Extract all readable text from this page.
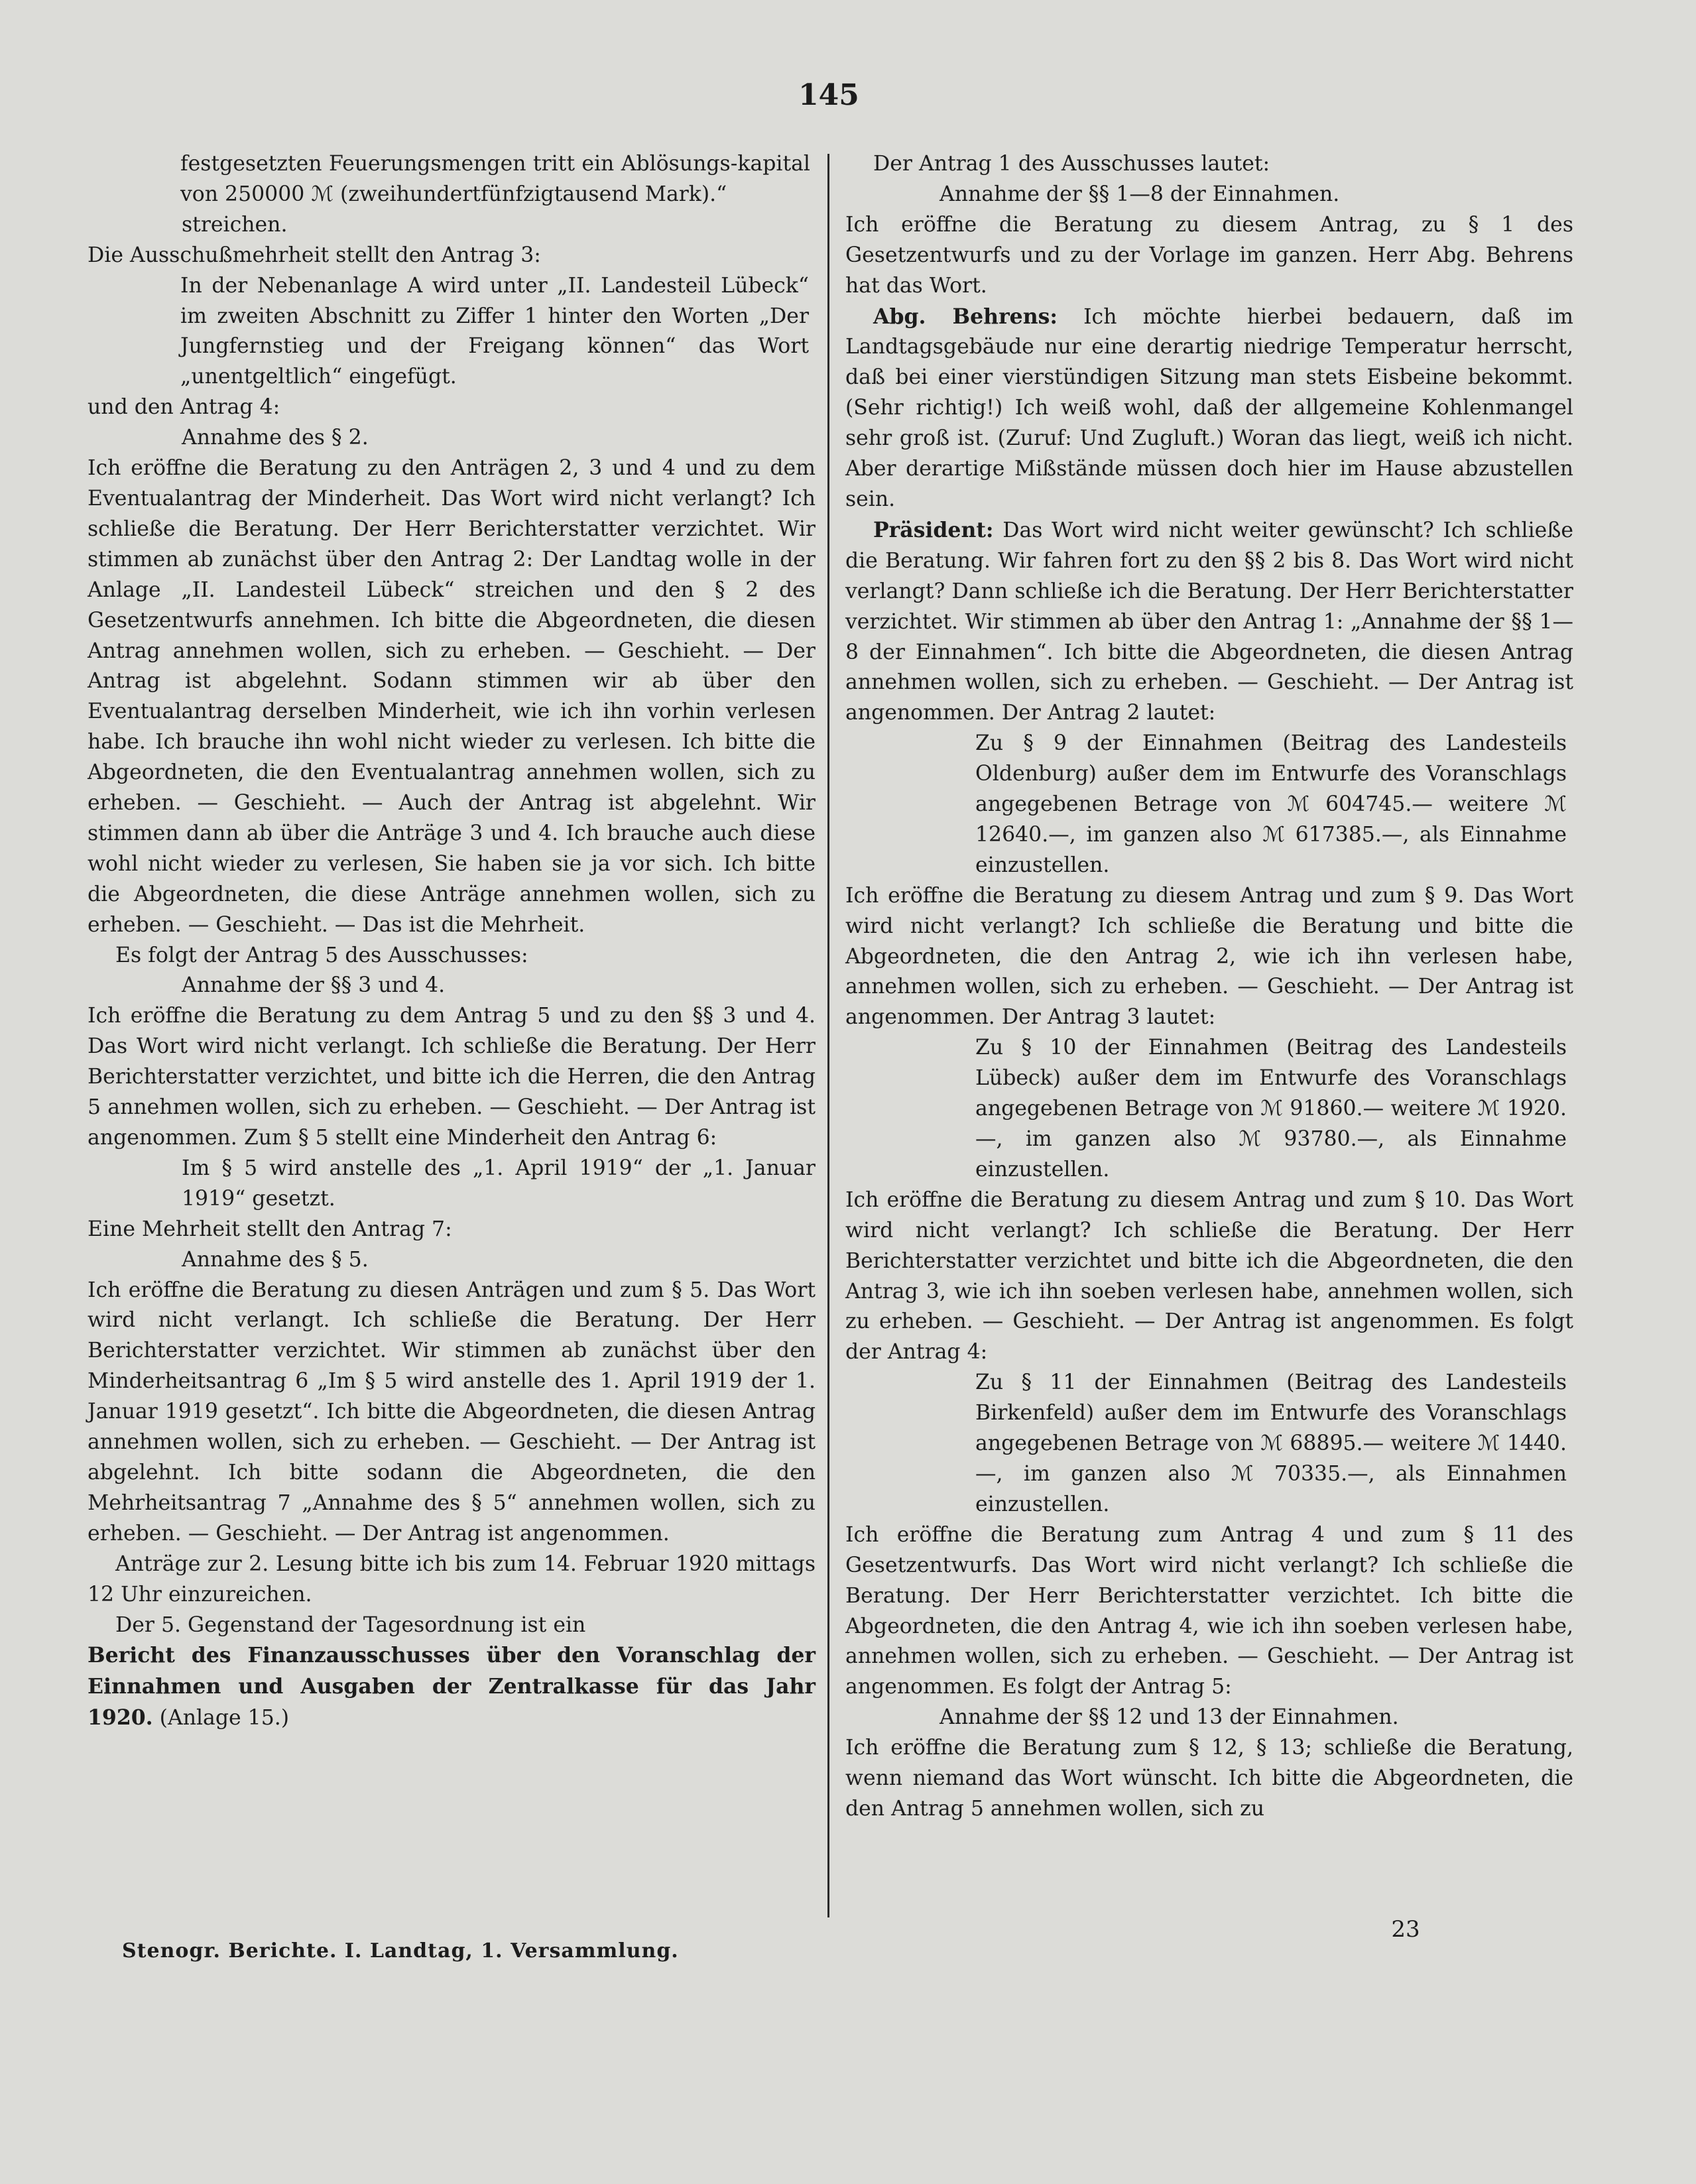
145

festgesetzten Feuerungsmengen tritt ein Ablösungs-kapital von 250000 ℳ (zweihundertfünfzigtausend Mark).“

streichen.

Die Ausschußmehrheit stellt den Antrag 3:

In der Nebenanlage A wird unter „II. Landesteil Lübeck“ im zweiten Abschnitt zu Ziffer 1 hinter den Worten „Der Jungfernstieg und der Freigang können“ das Wort „unentgeltlich“ eingefügt.

und den Antrag 4:

Annahme des § 2.

Ich eröffne die Beratung zu den Anträgen 2, 3 und 4 und zu dem Eventualantrag der Minderheit. Das Wort wird nicht verlangt? Ich schließe die Beratung. Der Herr Berichterstatter verzichtet. Wir stimmen ab zunächst über den Antrag 2: Der Landtag wolle in der Anlage „II. Landesteil Lübeck“ streichen und den § 2 des Gesetzentwurfs annehmen. Ich bitte die Abgeordneten, die diesen Antrag annehmen wollen, sich zu erheben. — Geschieht. — Der Antrag ist abgelehnt. Sodann stimmen wir ab über den Eventualantrag derselben Minderheit, wie ich ihn vorhin verlesen habe. Ich brauche ihn wohl nicht wieder zu verlesen. Ich bitte die Abgeordneten, die den Eventualantrag annehmen wollen, sich zu erheben. — Geschieht. — Auch der Antrag ist abgelehnt. Wir stimmen dann ab über die Anträge 3 und 4. Ich brauche auch diese wohl nicht wieder zu verlesen, Sie haben sie ja vor sich. Ich bitte die Abgeordneten, die diese Anträge annehmen wollen, sich zu erheben. — Geschieht. — Das ist die Mehrheit.

Es folgt der Antrag 5 des Ausschusses:

Annahme der §§ 3 und 4.

Ich eröffne die Beratung zu dem Antrag 5 und zu den §§ 3 und 4. Das Wort wird nicht verlangt. Ich schließe die Beratung. Der Herr Berichterstatter verzichtet, und bitte ich die Herren, die den Antrag 5 annehmen wollen, sich zu erheben. — Geschieht. — Der Antrag ist angenommen. Zum § 5 stellt eine Minderheit den Antrag 6:

Im § 5 wird anstelle des „1. April 1919“ der „1. Januar 1919“ gesetzt.

Eine Mehrheit stellt den Antrag 7:

Annahme des § 5.

Ich eröffne die Beratung zu diesen Anträgen und zum § 5. Das Wort wird nicht verlangt. Ich schließe die Beratung. Der Herr Berichterstatter verzichtet. Wir stimmen ab zunächst über den Minderheitsantrag 6 „Im § 5 wird anstelle des 1. April 1919 der 1. Januar 1919 gesetzt“. Ich bitte die Abgeordneten, die diesen Antrag annehmen wollen, sich zu erheben. — Geschieht. — Der Antrag ist abgelehnt. Ich bitte sodann die Abgeordneten, die den Mehrheitsantrag 7 „Annahme des § 5“ annehmen wollen, sich zu erheben. — Geschieht. — Der Antrag ist angenommen.

Anträge zur 2. Lesung bitte ich bis zum 14. Februar 1920 mittags 12 Uhr einzureichen.

Der 5. Gegenstand der Tagesordnung ist ein

Bericht des Finanzausschusses über den Voranschlag der Einnahmen und Ausgaben der Zentralkasse für das Jahr 1920. (Anlage 15.)

Der Antrag 1 des Ausschusses lautet:

Annahme der §§ 1—8 der Einnahmen.

Ich eröffne die Beratung zu diesem Antrag, zu § 1 des Gesetzentwurfs und zu der Vorlage im ganzen. Herr Abg. Behrens hat das Wort.

Abg. Behrens: Ich möchte hierbei bedauern, daß im Landtagsgebäude nur eine derartig niedrige Temperatur herrscht, daß bei einer vierstündigen Sitzung man stets Eisbeine bekommt. (Sehr richtig!) Ich weiß wohl, daß der allgemeine Kohlenmangel sehr groß ist. (Zuruf: Und Zugluft.) Woran das liegt, weiß ich nicht. Aber derartige Mißstände müssen doch hier im Hause abzustellen sein.

Präsident: Das Wort wird nicht weiter gewünscht? Ich schließe die Beratung. Wir fahren fort zu den §§ 2 bis 8. Das Wort wird nicht verlangt? Dann schließe ich die Beratung. Der Herr Berichterstatter verzichtet. Wir stimmen ab über den Antrag 1: „Annahme der §§ 1—8 der Einnahmen“. Ich bitte die Abgeordneten, die diesen Antrag annehmen wollen, sich zu erheben. — Geschieht. — Der Antrag ist angenommen. Der Antrag 2 lautet:

Zu § 9 der Einnahmen (Beitrag des Landesteils Oldenburg) außer dem im Entwurfe des Voranschlags angegebenen Betrage von ℳ 604745.— weitere ℳ 12640.—, im ganzen also ℳ 617385.—, als Einnahme einzustellen.

Ich eröffne die Beratung zu diesem Antrag und zum § 9. Das Wort wird nicht verlangt? Ich schließe die Beratung und bitte die Abgeordneten, die den Antrag 2, wie ich ihn verlesen habe, annehmen wollen, sich zu erheben. — Geschieht. — Der Antrag ist angenommen. Der Antrag 3 lautet:

Zu § 10 der Einnahmen (Beitrag des Landesteils Lübeck) außer dem im Entwurfe des Voranschlags angegebenen Betrage von ℳ 91860.— weitere ℳ 1920.—, im ganzen also ℳ 93780.—, als Einnahme einzustellen.

Ich eröffne die Beratung zu diesem Antrag und zum § 10. Das Wort wird nicht verlangt? Ich schließe die Beratung. Der Herr Berichterstatter verzichtet und bitte ich die Abgeordneten, die den Antrag 3, wie ich ihn soeben verlesen habe, annehmen wollen, sich zu erheben. — Geschieht. — Der Antrag ist angenommen. Es folgt der Antrag 4:

Zu § 11 der Einnahmen (Beitrag des Landesteils Birkenfeld) außer dem im Entwurfe des Voranschlags angegebenen Betrage von ℳ 68895.— weitere ℳ 1440.—, im ganzen also ℳ 70335.—, als Einnahmen einzustellen.

Ich eröffne die Beratung zum Antrag 4 und zum § 11 des Gesetzentwurfs. Das Wort wird nicht verlangt? Ich schließe die Beratung. Der Herr Berichterstatter verzichtet. Ich bitte die Abgeordneten, die den Antrag 4, wie ich ihn soeben verlesen habe, annehmen wollen, sich zu erheben. — Geschieht. — Der Antrag ist angenommen. Es folgt der Antrag 5:

Annahme der §§ 12 und 13 der Einnahmen.

Ich eröffne die Beratung zum § 12, § 13; schließe die Beratung, wenn niemand das Wort wünscht. Ich bitte die Abgeordneten, die den Antrag 5 annehmen wollen, sich zu

Stenogr. Berichte. I. Landtag, 1. Versammlung.
23
